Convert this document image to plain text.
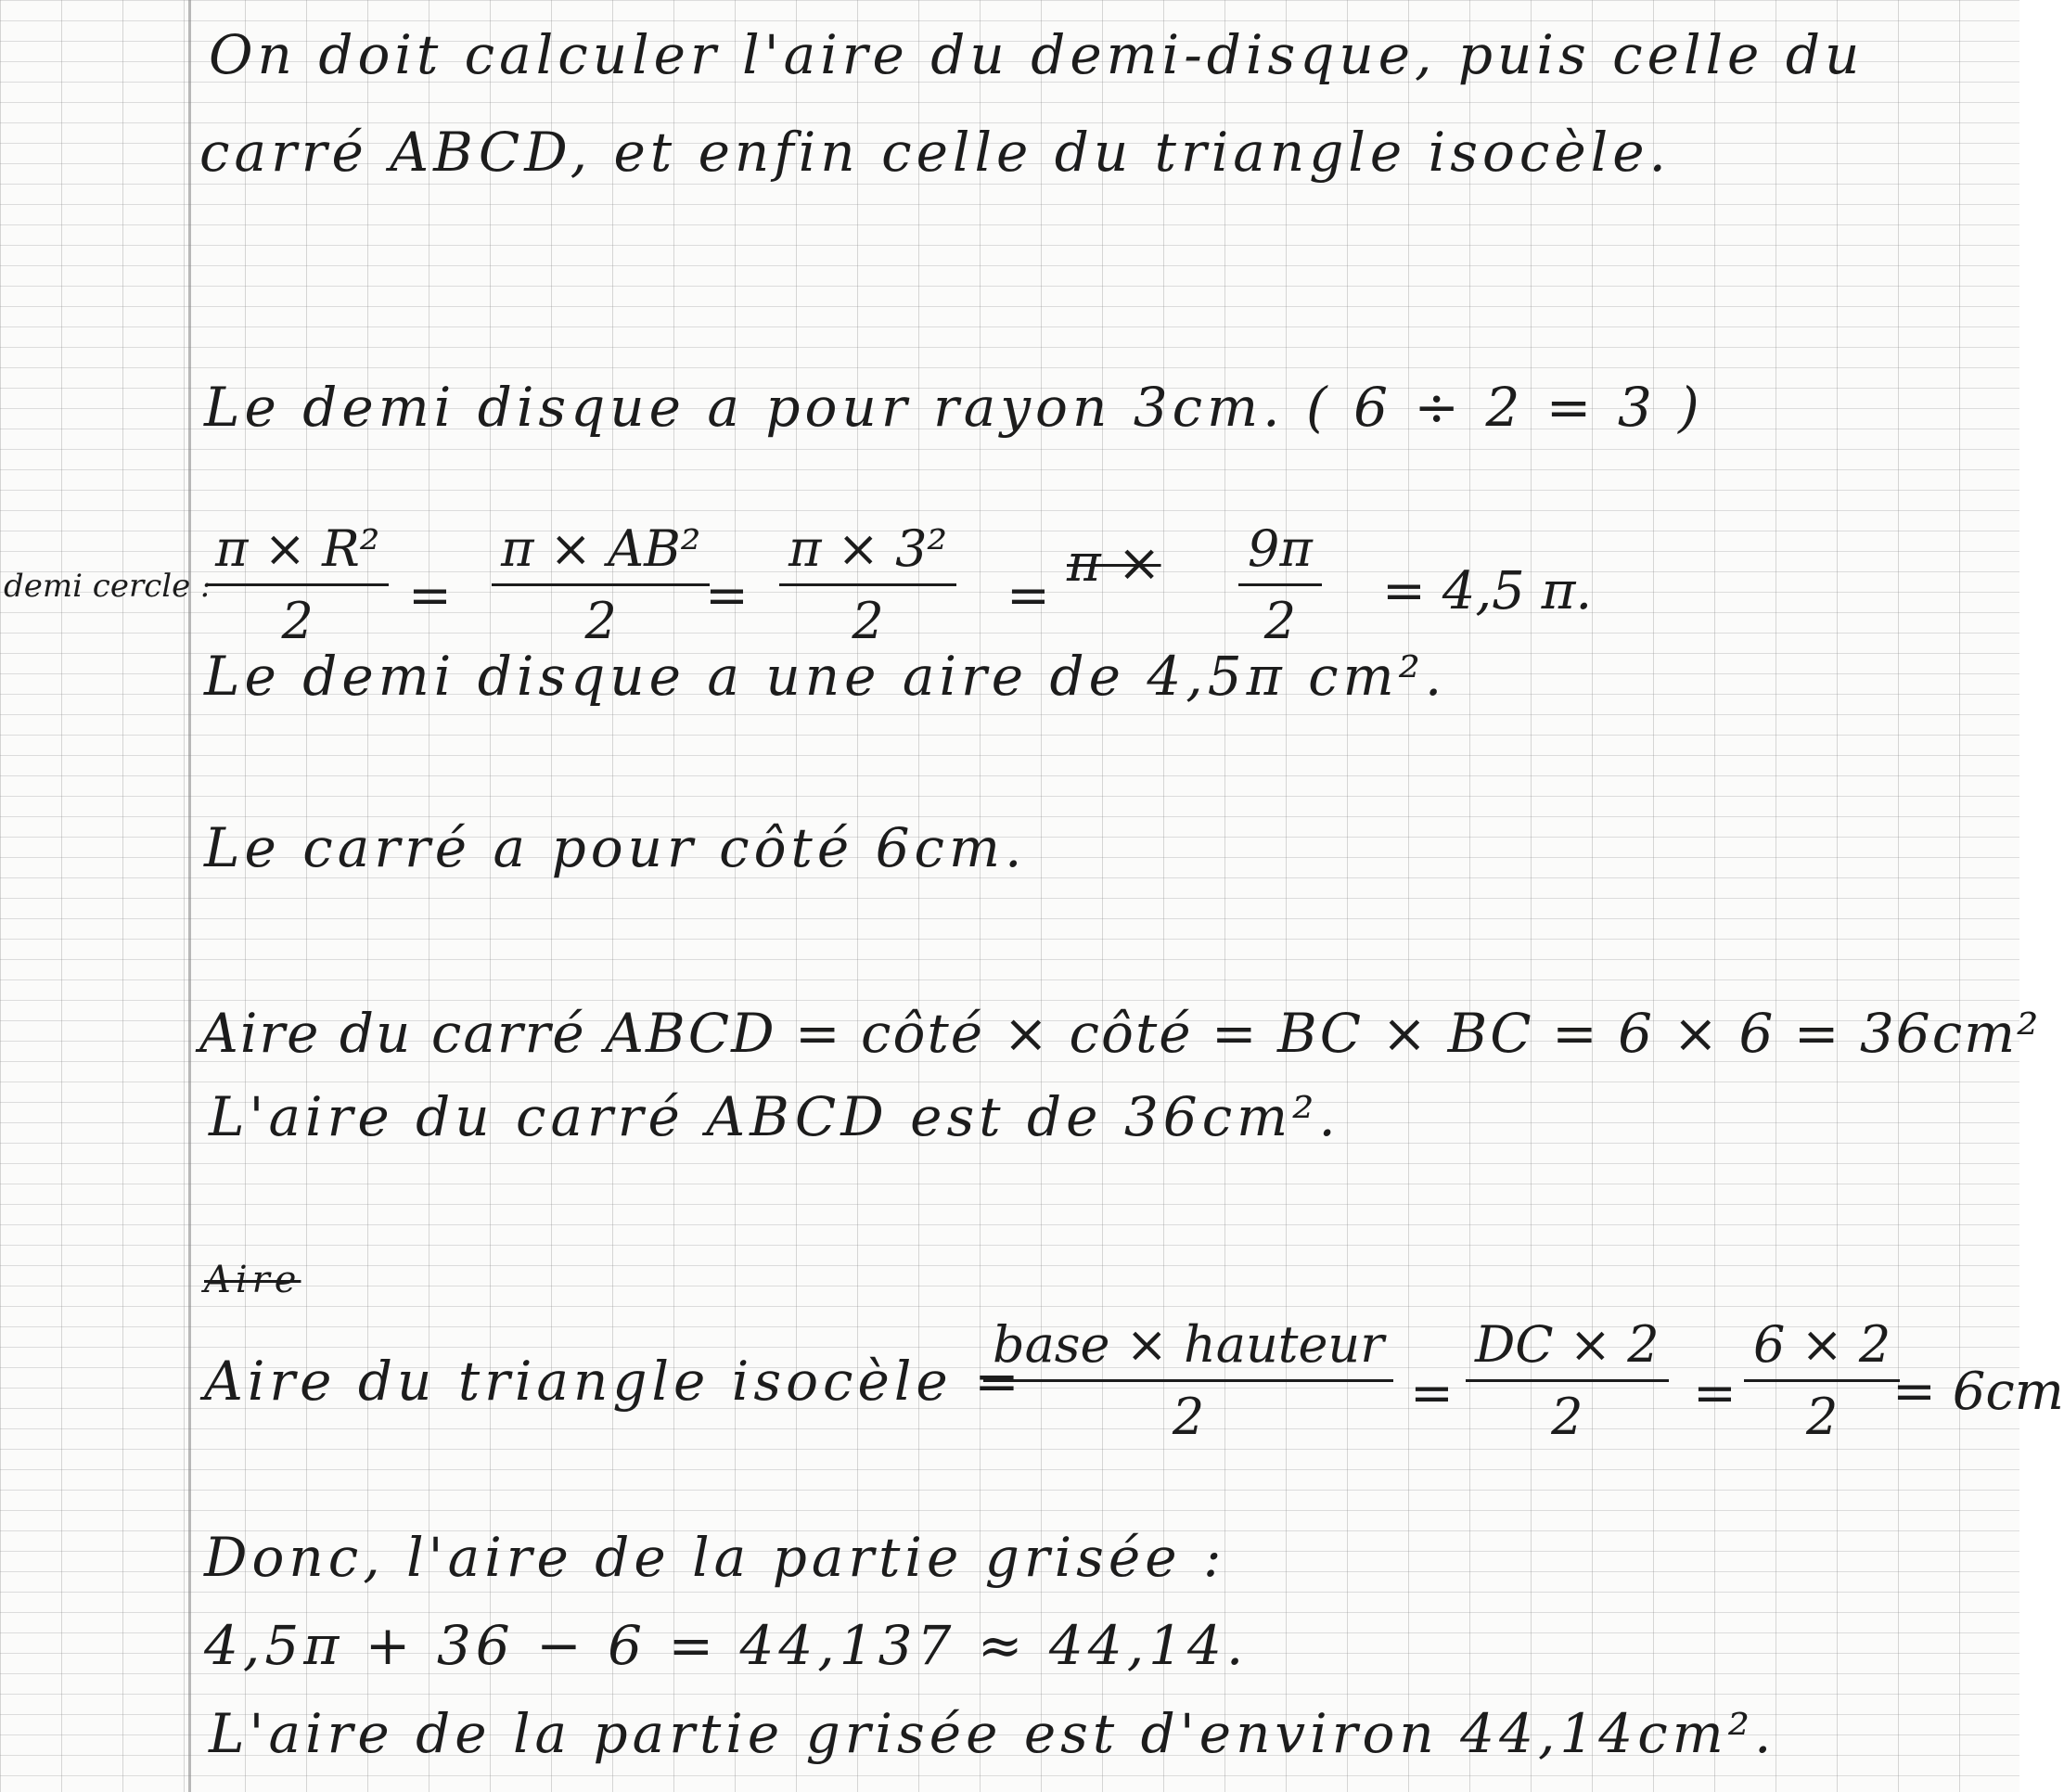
On doit calculer l'aire du demi-disque, puis celle du
carré ABCD, et enfin celle du triangle isocèle.
Le demi disque a pour rayon 3cm. ( 6 ÷ 2 = 3 )
demi cercle :
$\frac{\text{π × R²}}{2} = \frac{\text{π × AB²}}{2}$
= $\frac{\text{π × 3²}}{2}$ =
$\pi \times \frac{9\pi}{2} = 4,5$ π.
Le demi disque a une aire de 4,5π cm².
Le carré a pour côté 6cm.
Aire du carré ABCD = côté × côté = BC × BC = 6 × 6 = 36cm²
L'aire du carré ABCD est de 36cm².
Aire
Aire du triangle isocèle =
base × hauteur
2	= $\frac{DC \times 2}{2} = \frac{6 \times 2}{2}$
= 6cm
Donc, l'aire de la partie grisée :
4,5π + 36 − 6 = 44,137 ≈ 44,14.
L'aire de la partie grisée est d'environ 44,14cm².
